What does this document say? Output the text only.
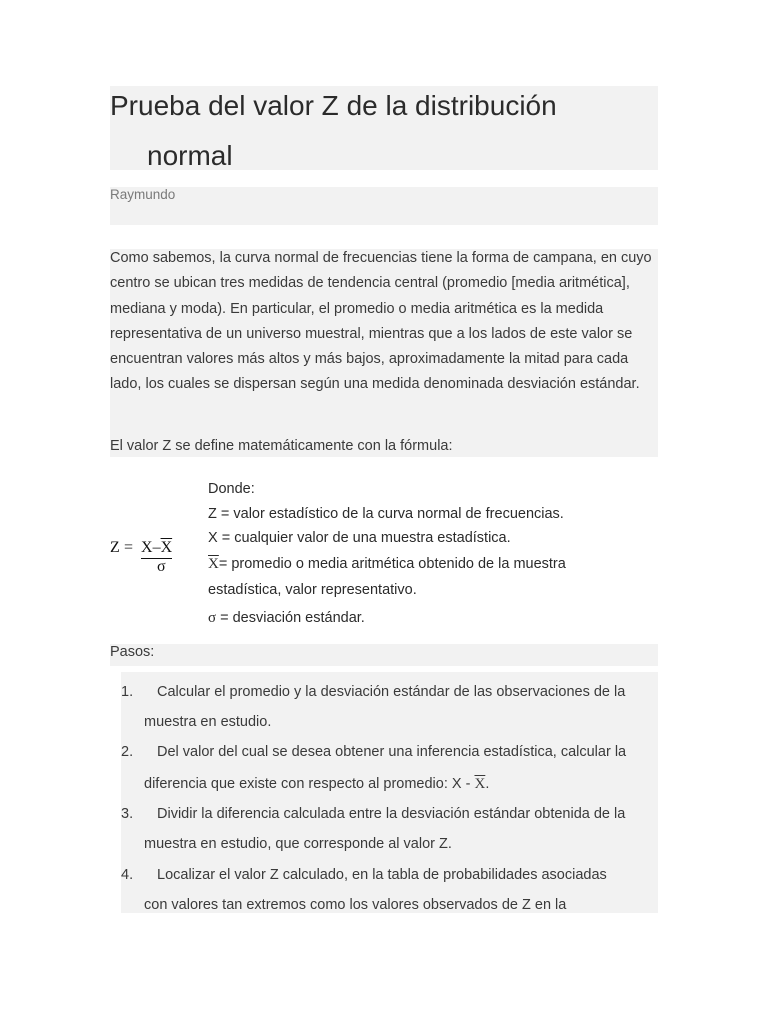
Prueba del valor Z de la distribución
normal
Raymundo

Como sabemos, la curva normal de frecuencias tiene la forma de campana, en cuyo centro se ubican tres medidas de tendencia central (promedio [media aritmética], mediana y moda). En particular, el promedio o media aritmética es la medida representativa de un universo muestral, mientras que a los lados de este valor se encuentran valores más altos y más bajos, aproximadamente la mitad para cada lado, los cuales se dispersan según una medida denominada desviación estándar.

El valor Z se define matemáticamente con la fórmula:

$Z = X-\overline{X}$
σ
Donde:
Z = valor estadístico de la curva normal de frecuencias.
X = cualquier valor de una muestra estadística.
$\overline{X}=$ promedio o media aritmética obtenido de la muestra
estadística, valor representativo.
σ = desviación estándar.
Pasos:
1. Calcular el promedio y la desviación estándar de las observaciones de la
muestra en estudio.
2. Del valor del cual se desea obtener una inferencia estadística, calcular la
diferencia que existe con respecto al promedio: X - $\overline{X}$.
3. Dividir la diferencia calculada entre la desviación estándar obtenida de la
muestra en estudio, que corresponde al valor Z.
4. Localizar el valor Z calculado, en la tabla de probabilidades asociadas
con valores tan extremos como los valores observados de Z en la
